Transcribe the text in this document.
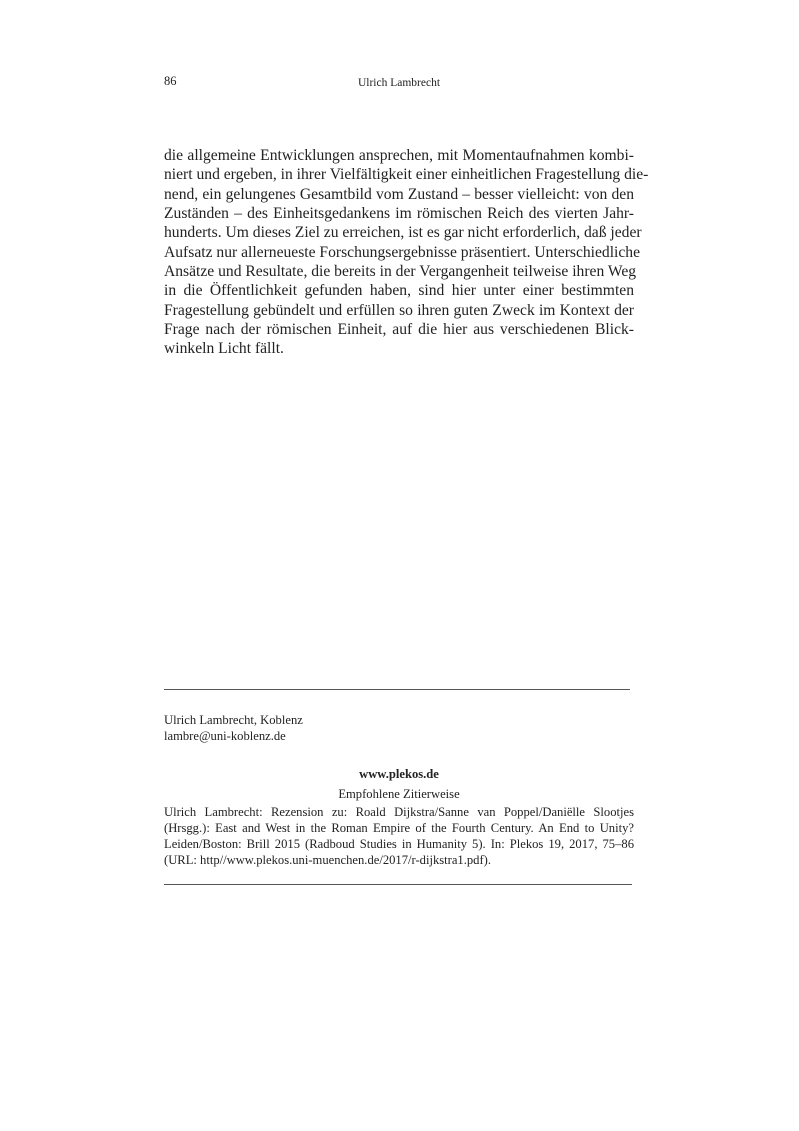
86	Ulrich Lambrecht

die allgemeine Entwicklungen ansprechen, mit Momentaufnahmen kombi-
niert und ergeben, in ihrer Vielfältigkeit einer einheitlichen Fragestellung die-
nend, ein gelungenes Gesamtbild vom Zustand – besser vielleicht: von den
Zuständen – des Einheitsgedankens im römischen Reich des vierten Jahr-
hunderts. Um dieses Ziel zu erreichen, ist es gar nicht erforderlich, daß jeder
Aufsatz nur allerneueste Forschungsergebnisse präsentiert. Unterschiedliche
Ansätze und Resultate, die bereits in der Vergangenheit teilweise ihren Weg
in die Öffentlichkeit gefunden haben, sind hier unter einer bestimmten
Fragestellung gebündelt und erfüllen so ihren guten Zweck im Kontext der
Frage nach der römischen Einheit, auf die hier aus verschiedenen Blick-
winkeln Licht fällt.

Ulrich Lambrecht, Koblenz
lambre@uni-koblenz.de
www.plekos.de
Empfohlene Zitierweise

Ulrich Lambrecht: Rezension zu: Roald Dijkstra/Sanne van Poppel/Daniëlle Slootjes
(Hrsgg.): East and West in the Roman Empire of the Fourth Century. An End to Unity?
Leiden/Boston: Brill 2015 (Radboud Studies in Humanity 5). In: Plekos 19, 2017, 75–86
(URL: http//www.plekos.uni-muenchen.de/2017/r-dijkstra1.pdf).
